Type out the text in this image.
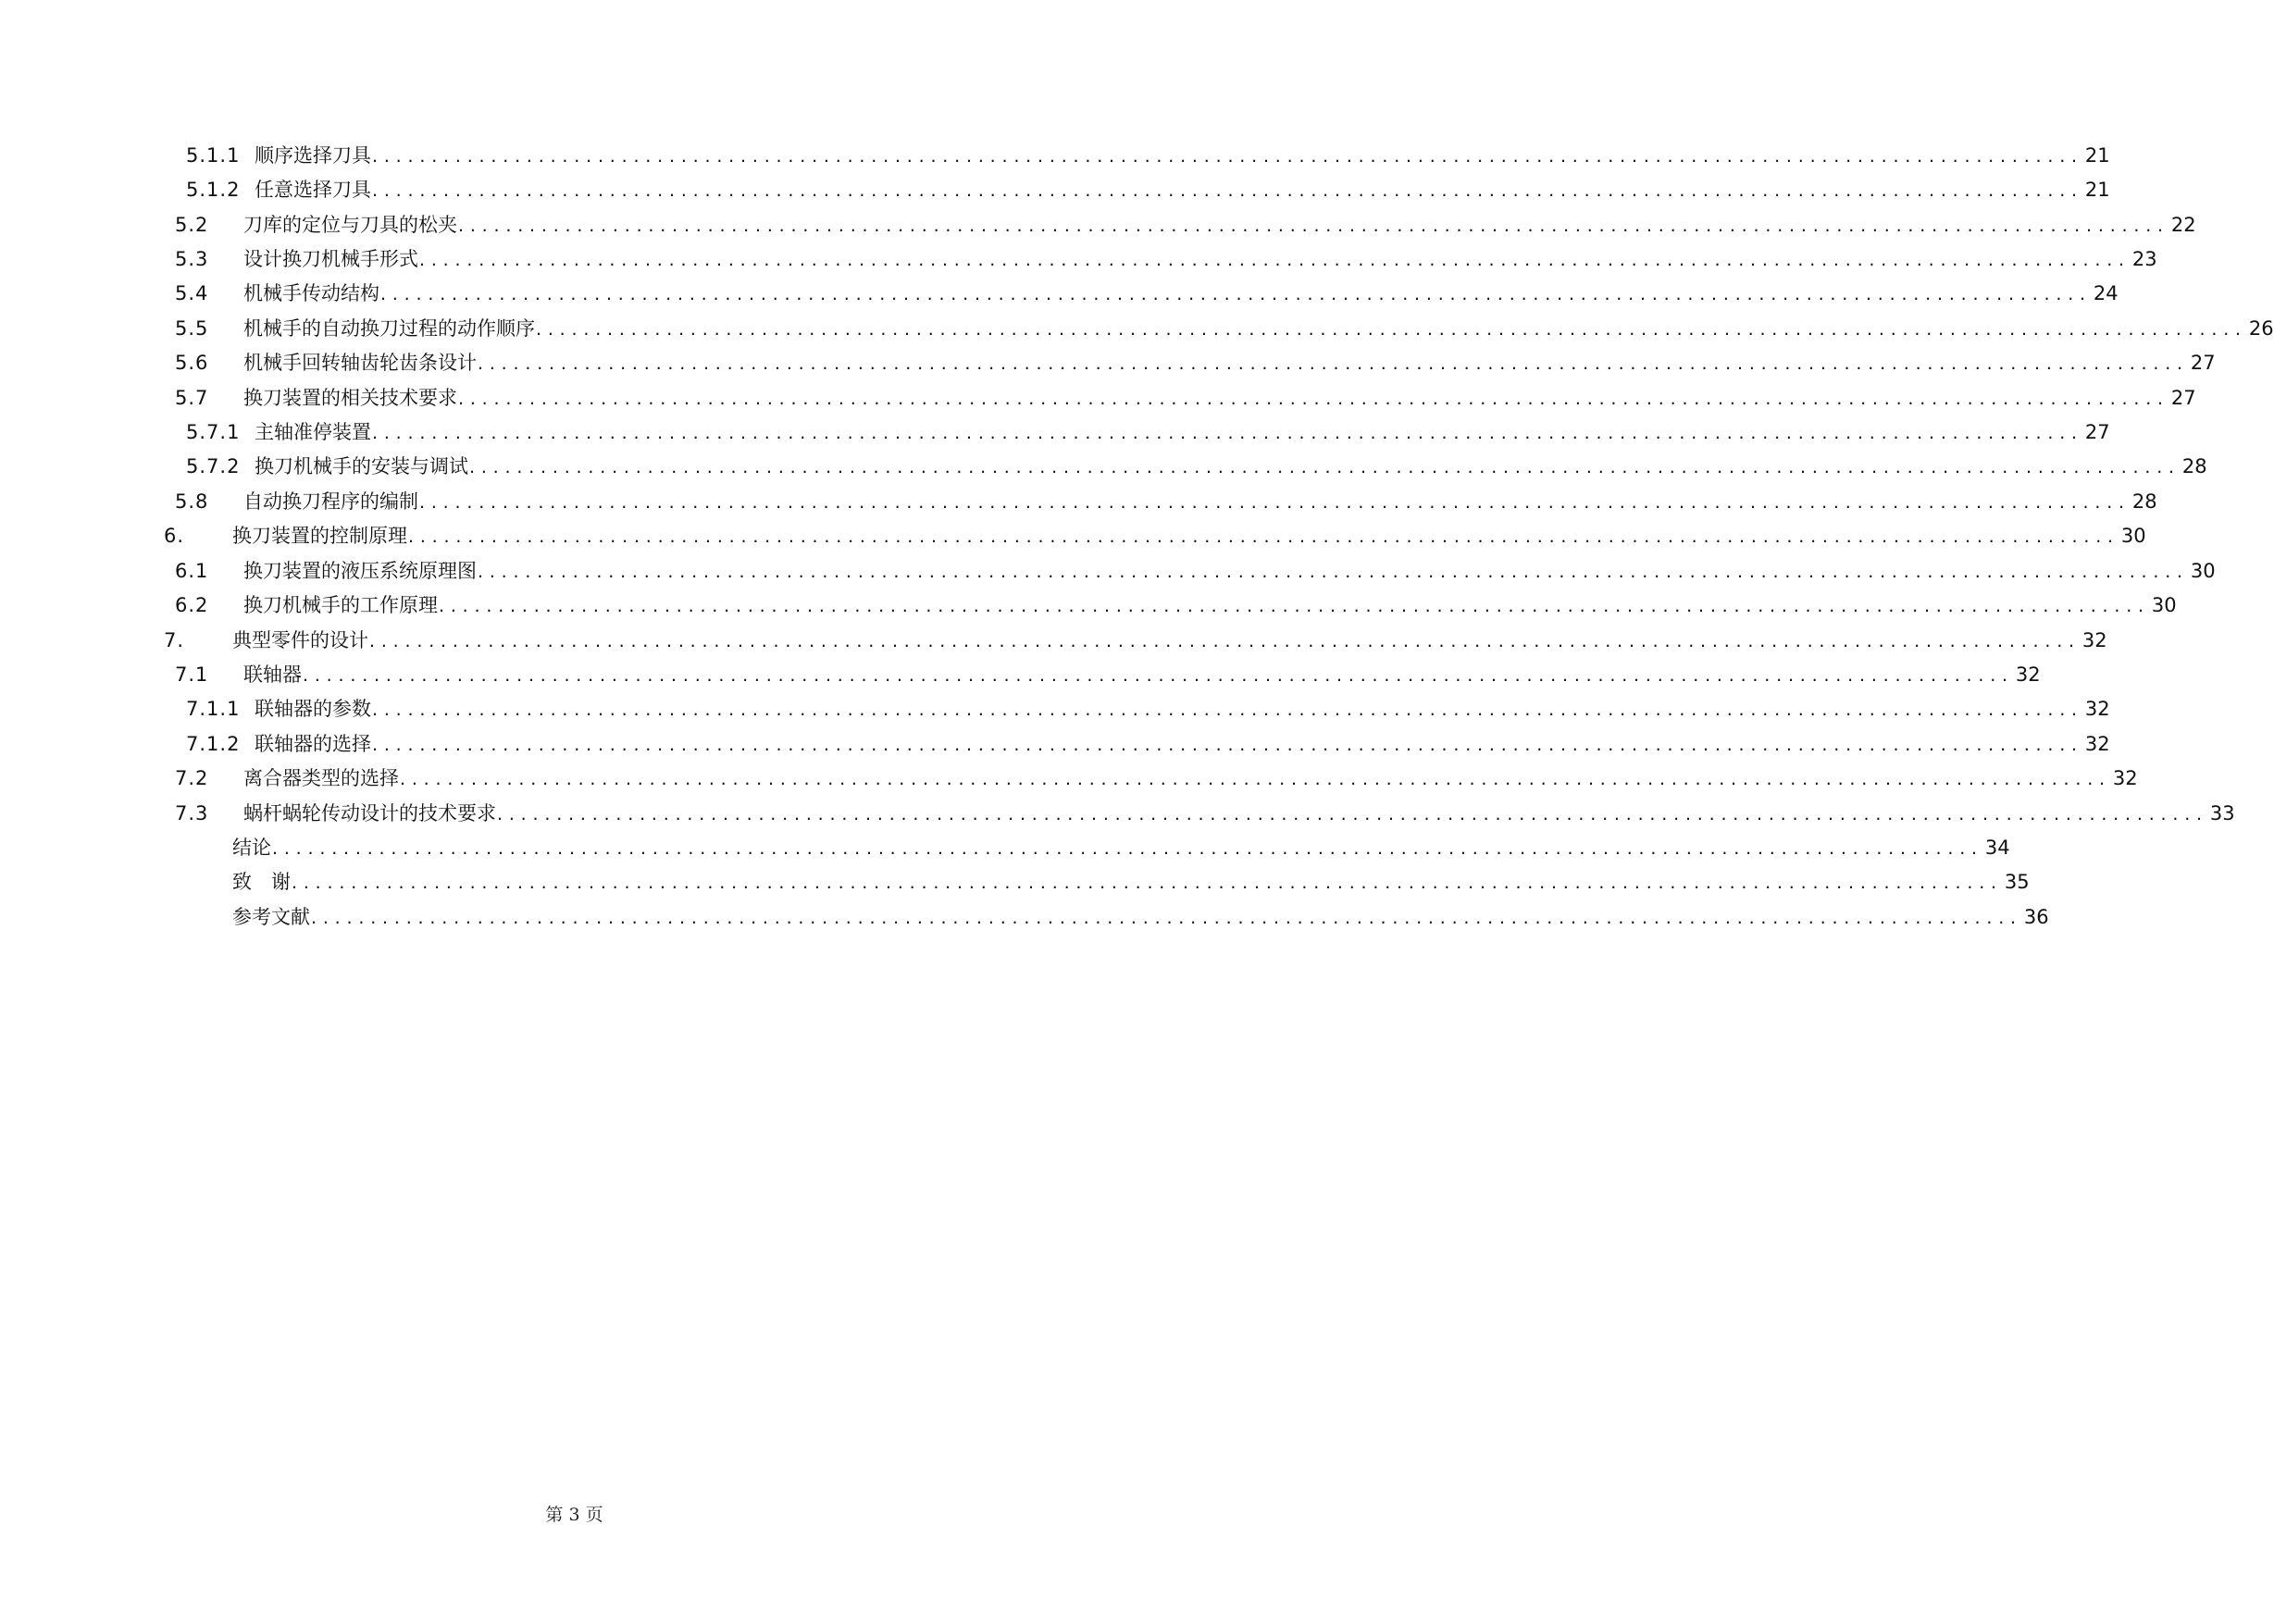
5.1.1 顺序选择刀具 ................................................................................................................................................ 21
5.1.2 任意选择刀具 ................................................................................................................................................ 21
5.2 刀库的定位与刀具的松夹 ................................................................................................................................................ 22
5.3 设计换刀机械手形式 ................................................................................................................................................ 23
5.4 机械手传动结构 ................................................................................................................................................ 24
5.5 机械手的自动换刀过程的动作顺序 ................................................................................................................................................ 26
5.6 机械手回转轴齿轮齿条设计 ................................................................................................................................................ 27
5.7 换刀装置的相关技术要求 ................................................................................................................................................ 27
5.7.1 主轴准停装置 ................................................................................................................................................ 27
5.7.2 换刀机械手的安装与调试 ................................................................................................................................................ 28
5.8 自动换刀程序的编制 ................................................................................................................................................ 28
6. 换刀装置的控制原理 ................................................................................................................................................ 30
6.1 换刀装置的液压系统原理图 ................................................................................................................................................ 30
6.2 换刀机械手的工作原理 ................................................................................................................................................ 30
7. 典型零件的设计 ................................................................................................................................................ 32
7.1 联轴器 ................................................................................................................................................ 32
7.1.1 联轴器的参数 ................................................................................................................................................ 32
7.1.2 联轴器的选择 ................................................................................................................................................ 32
7.2 离合器类型的选择 ................................................................................................................................................ 32
7.3 蜗杆蜗轮传动设计的技术要求 ................................................................................................................................................ 33
结论 ................................................................................................................................................ 34
致　谢 ................................................................................................................................................ 35
参考文献 ................................................................................................................................................ 36
第 3 页
